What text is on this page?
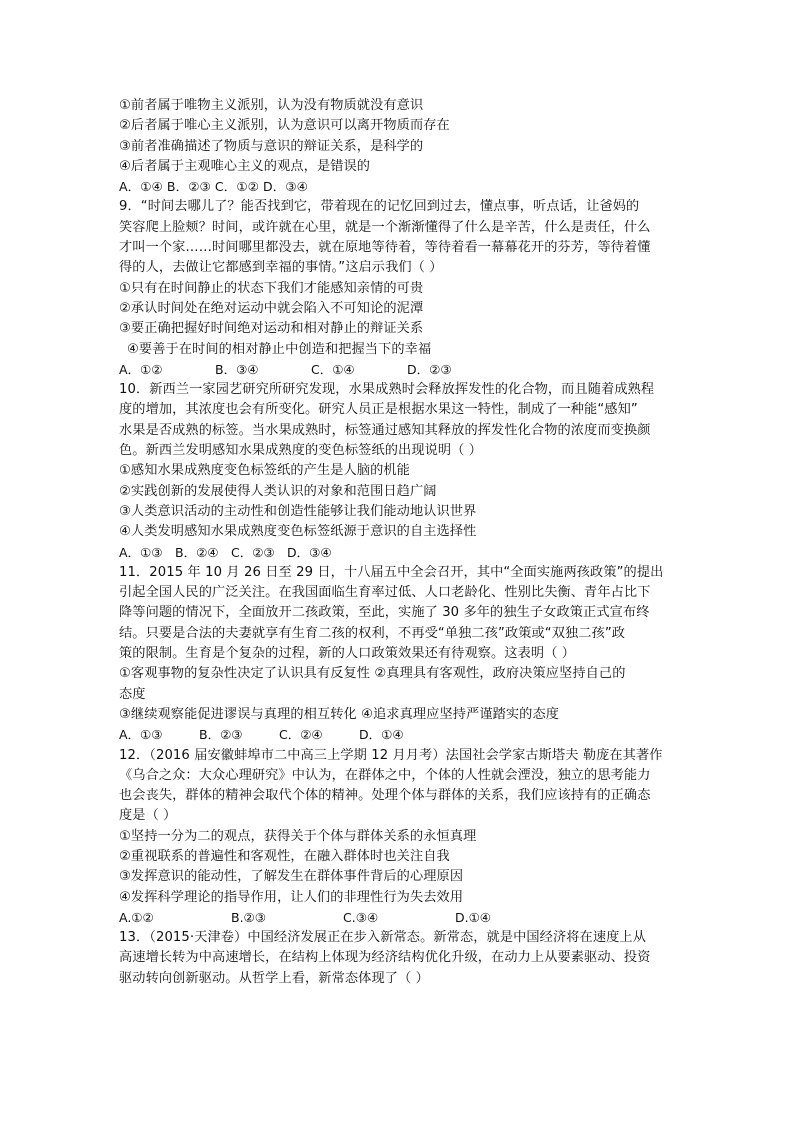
①前者属于唯物主义派别，认为没有物质就没有意识
②后者属于唯心主义派别，认为意识可以离开物质而存在
③前者准确描述了物质与意识的辩证关系，是科学的
④后者属于主观唯心主义的观点，是错误的
A．①④ B．②③ C．①② D．③④
9．“时间去哪儿了？能否找到它，带着现在的记忆回到过去，懂点事，听点话，让爸妈的
笑容爬上脸颊？时间，或许就在心里，就是一个渐渐懂得了什么是辛苦，什么是责任，什么
才叫一个家……时间哪里都没去，就在原地等待着，等待着看一幕幕花开的芬芳，等待着懂
得的人，去做让它都感到幸福的事情。”这启示我们（ ）
①只有在时间静止的状态下我们才能感知亲情的可贵
②承认时间处在绝对运动中就会陷入不可知论的泥潭
③要正确把握好时间绝对运动和相对静止的辩证关系
④要善于在时间的相对静止中创造和把握当下的幸福
A．①②	B．③④	C．①④	D．②③
10．新西兰一家园艺研究所研究发现，水果成熟时会释放挥发性的化合物，而且随着成熟程
度的增加，其浓度也会有所变化。研究人员正是根据水果这一特性，制成了一种能“感知”
水果是否成熟的标签。当水果成熟时，标签通过感知其释放的挥发性化合物的浓度而变换颜
色。新西兰发明感知水果成熟度的变色标签纸的出现说明（ ）
①感知水果成熟度变色标签纸的产生是人脑的机能
②实践创新的发展使得人类认识的对象和范围日趋广阔
③人类意识活动的主动性和创造性能够让我们能动地认识世界
④人类发明感知水果成熟度变色标签纸源于意识的自主选择性
A．①③	B．②④	C．②③ D．③④
11．2015 年 10 月 26 日至 29 日，十八届五中全会召开，其中“全面实施两孩政策”的提出
引起全国人民的广泛关注。在我国面临生育率过低、人口老龄化、性别比失衡、青年占比下
降等问题的情况下，全面放开二孩政策，至此，实施了 30 多年的独生子女政策正式宣布终
结。只要是合法的夫妻就享有生育二孩的权利，不再受“单独二孩”政策或“双独二孩”政
策的限制。生育是个复杂的过程，新的人口政策效果还有待观察。这表明（ ）
①客观事物的复杂性决定了认识具有反复性 ②真理具有客观性，政府决策应坚持自己的
态度
③继续观察能促进谬误与真理的相互转化 ④追求真理应坚持严谨踏实的态度
A．①③	B．②③	C．②④	D．①④
12．（2016 届安徽蚌埠市二中高三上学期 12 月月考）法国社会学家古斯塔夫 勒庞在其著作
《乌合之众：大众心理研究》中认为，在群体之中，个体的人性就会湮没，独立的思考能力
也会丧失，群体的精神会取代个体的精神。处理个体与群体的关系，我们应该持有的正确态
度是（ ）
①坚持一分为二的观点，获得关于个体与群体关系的永恒真理
②重视联系的普遍性和客观性，在融入群体时也关注自我
③发挥意识的能动性，了解发生在群体事件背后的心理原因
④发挥科学理论的指导作用，让人们的非理性行为失去效用
A.①②	B.②③	C.③④	D.①④
13．（2015·天津卷）中国经济发展正在步入新常态。新常态，就是中国经济将在速度上从
高速增长转为中高速增长，在结构上体现为经济结构优化升级，在动力上从要素驱动、投资
驱动转向创新驱动。从哲学上看，新常态体现了（ ）
